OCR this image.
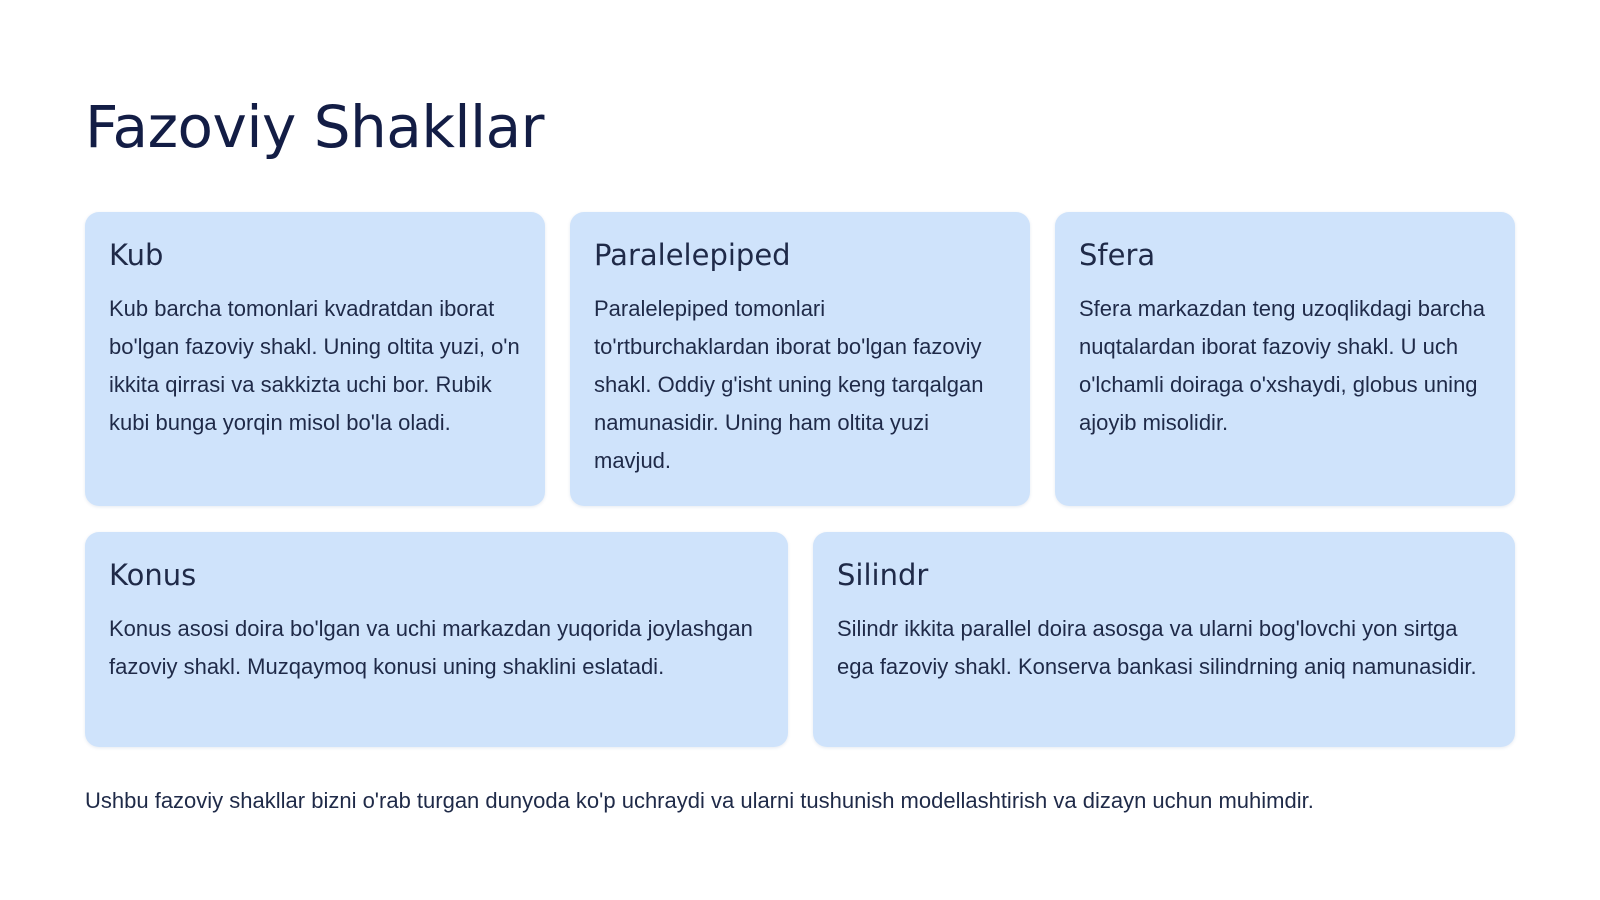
Fazoviy Shakllar
Kub

Kub barcha tomonlari kvadratdan iborat bo'lgan fazoviy shakl. Uning oltita yuzi, o'n ikkita qirrasi va sakkizta uchi bor. Rubik kubi bunga yorqin misol bo'la oladi.

Paralelepiped

Paralelepiped tomonlari to'rtburchaklardan iborat bo'lgan fazoviy shakl. Oddiy g'isht uning keng tarqalgan namunasidir. Uning ham oltita yuzi mavjud.

Sfera

Sfera markazdan teng uzoqlikdagi barcha nuqtalardan iborat fazoviy shakl. U uch o'lchamli doiraga o'xshaydi, globus uning ajoyib misolidir.

Konus

Konus asosi doira bo'lgan va uchi markazdan yuqorida joylashgan fazoviy shakl. Muzqaymoq konusi uning shaklini eslatadi.

Silindr

Silindr ikkita parallel doira asosga va ularni bog'lovchi yon sirtga ega fazoviy shakl. Konserva bankasi silindrning aniq namunasidir.

Ushbu fazoviy shakllar bizni o'rab turgan dunyoda ko'p uchraydi va ularni tushunish modellashtirish va dizayn uchun muhimdir.
